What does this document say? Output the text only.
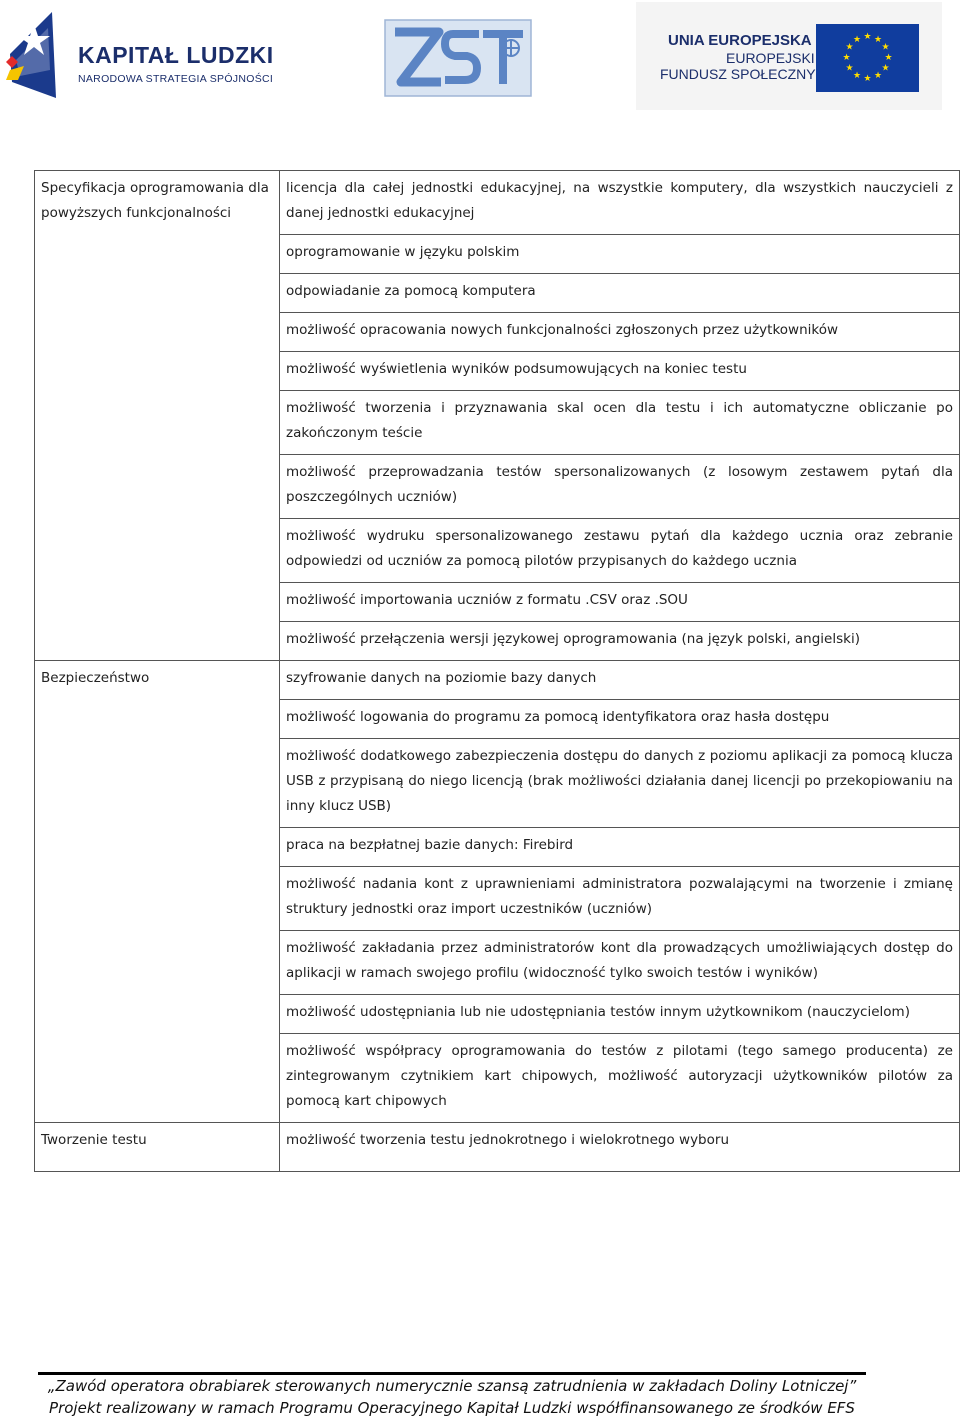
KAPITAŁ LUDZKI
NARODOWA STRATEGIA SPÓJNOŚCI
UNIA EUROPEJSKA
EUROPEJSKI
FUNDUSZ SPOŁECZNY
★ ★
★
★
★
★
★
★
★
★
★
★
Specyfikacja oprogramowania dla powyższych funkcjonalności	licencja dla całej jednostki edukacyjnej, na wszystkie komputery, dla wszystkich nauczycieli z danej jednostki edukacyjnej
	oprogramowanie w języku polskim
	odpowiadanie za pomocą komputera
	możliwość opracowania nowych funkcjonalności zgłoszonych przez użytkowników
	możliwość wyświetlenia wyników podsumowujących na koniec testu
	możliwość tworzenia i przyznawania skal ocen dla testu i ich automatyczne obliczanie po zakończonym teście
	możliwość przeprowadzania testów spersonalizowanych (z losowym zestawem pytań dla poszczególnych uczniów)
	możliwość wydruku spersonalizowanego zestawu pytań dla każdego ucznia oraz zebranie odpowiedzi od uczniów za pomocą pilotów przypisanych do każdego ucznia
	możliwość importowania uczniów z formatu .CSV oraz .SOU
	możliwość przełączenia wersji językowej oprogramowania (na język polski, angielski)
Bezpieczeństwo	szyfrowanie danych na poziomie bazy danych
	możliwość logowania do programu za pomocą identyfikatora oraz hasła dostępu
	możliwość dodatkowego zabezpieczenia dostępu do danych z poziomu aplikacji za pomocą klucza USB z przypisaną do niego licencją (brak możliwości działania danej licencji po przekopiowaniu na inny klucz USB)
	praca na bezpłatnej bazie danych: Firebird
	możliwość nadania kont z uprawnieniami administratora pozwalającymi na tworzenie i zmianę struktury jednostki oraz import uczestników (uczniów)
	możliwość zakładania przez administratorów kont dla prowadzących umożliwiających dostęp do aplikacji w ramach swojego profilu (widoczność tylko swoich testów i wyników)
	możliwość udostępniania lub nie udostępniania testów innym użytkownikom (nauczycielom)
	możliwość współpracy oprogramowania do testów z pilotami (tego samego producenta) ze zintegrowanym czytnikiem kart chipowych, możliwość autoryzacji użytkowników pilotów za pomocą kart chipowych
Tworzenie testu	możliwość tworzenia testu jednokrotnego i wielokrotnego wyboru
„Zawód operatora obrabiarek sterowanych numerycznie szansą zatrudnienia w zakładach Doliny Lotniczej”
Projekt realizowany w ramach Programu Operacyjnego Kapitał Ludzki współfinansowanego ze środków EFS
